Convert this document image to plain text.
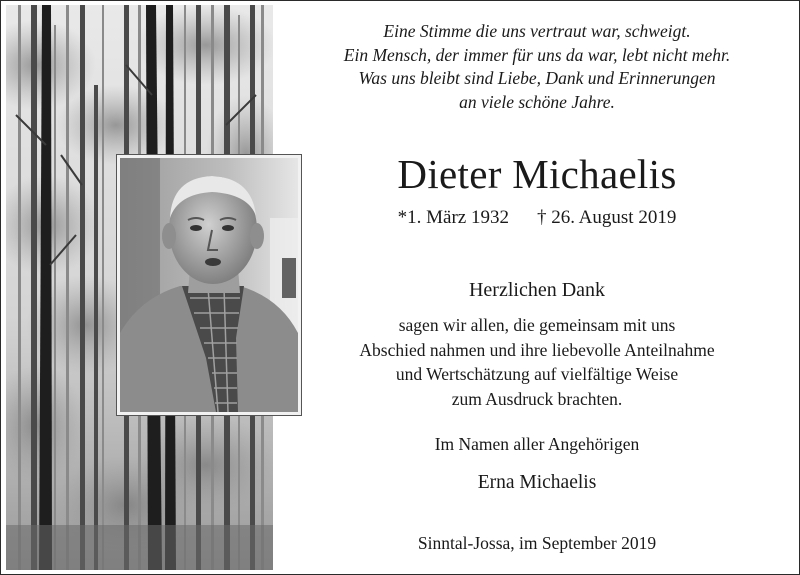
Eine Stimme die uns vertraut war, schweigt.
Ein Mensch, der immer für uns da war, lebt nicht mehr.
Was uns bleibt sind Liebe, Dank und Erinnerungen
an viele schöne Jahre.
Dieter Michaelis
*1. März 1932 † 26. August 2019
Herzlichen Dank
sagen wir allen, die gemeinsam mit uns
Abschied nahmen und ihre liebevolle Anteilnahme
und Wertschätzung auf vielfältige Weise
zum Ausdruck brachten.
Im Namen aller Angehörigen
Erna Michaelis
Sinntal-Jossa, im September 2019
